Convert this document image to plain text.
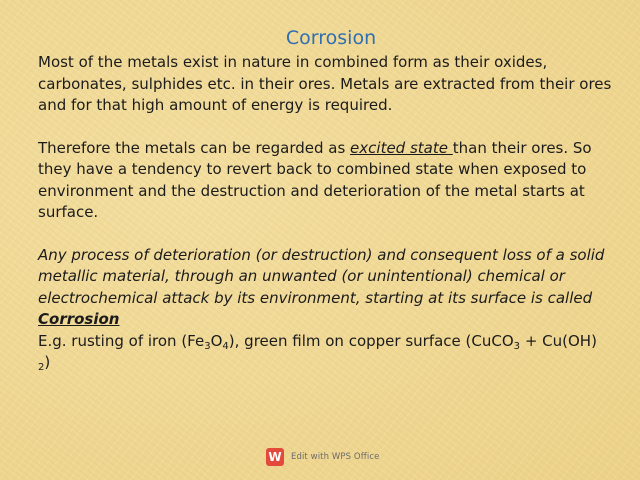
Corrosion

Most of the metals exist in nature in combined form as their oxides, carbonates, sulphides etc. in their ores. Metals are extracted from their ores and for that high amount of energy is required.

Therefore the metals can be regarded as excited state than their ores. So they have a tendency to revert back to combined state when exposed to environment and the destruction and deterioration of the metal starts at surface.

Any process of deterioration (or destruction) and consequent loss of a solid metallic material, through an unwanted (or unintentional) chemical or electrochemical attack by its environment, starting at its surface is called Corrosion

E.g. rusting of iron $(Fe_3O_4)$, green film on copper surface (CuCO$_3$ + Cu(OH)
$_2$)

W Edit with WPS Office
